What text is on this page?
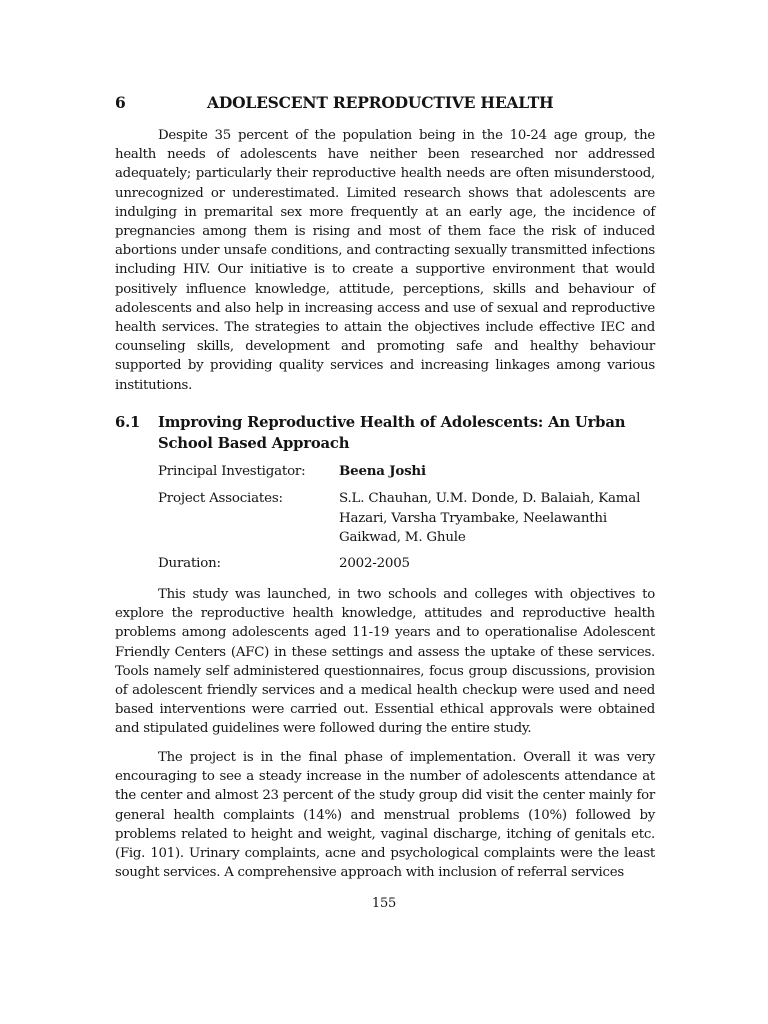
6	ADOLESCENT REPRODUCTIVE HEALTH

Despite 35 percent of the population being in the 10-24 age group, the health needs of adolescents have neither been researched nor addressed adequately; particularly their reproductive health needs are often misunderstood, unrecognized or underestimated. Limited research shows that adolescents are indulging in premarital sex more frequently at an early age, the incidence of pregnancies among them is rising and most of them face the risk of induced abortions under unsafe conditions, and contracting sexually transmitted infections including HIV. Our initiative is to create a supportive environment that would positively influence knowledge, attitude, perceptions, skills and behaviour of adolescents and also help in increasing access and use of sexual and reproductive health services. The strategies to attain the objectives include effective IEC and counseling skills, development and promoting safe and healthy behaviour supported by providing quality services and increasing linkages among various institutions.

6.1 Improving Reproductive Health of Adolescents: An Urban School Based Approach
Principal Investigator:	Beena Joshi
Project Associates:	S.L. Chauhan, U.M. Donde, D. Balaiah, Kamal Hazari, Varsha Tryambake, Neelawanthi Gaikwad, M. Ghule
Duration:	2002-2005

This study was launched, in two schools and colleges with objectives to explore the reproductive health knowledge, attitudes and reproductive health problems among adolescents aged 11-19 years and to operationalise Adolescent Friendly Centers (AFC) in these settings and assess the uptake of these services. Tools namely self administered questionnaires, focus group discussions, provision of adolescent friendly services and a medical health checkup were used and need based interventions were carried out. Essential ethical approvals were obtained and stipulated guidelines were followed during the entire study.

The project is in the final phase of implementation. Overall it was very encouraging to see a steady increase in the number of adolescents attendance at the center and almost 23 percent of the study group did visit the center mainly for general health complaints (14%) and menstrual problems (10%) followed by problems related to height and weight, vaginal discharge, itching of genitals etc. (Fig. 101). Urinary complaints, acne and psychological complaints were the least sought services. A comprehensive approach with inclusion of referral services

155
